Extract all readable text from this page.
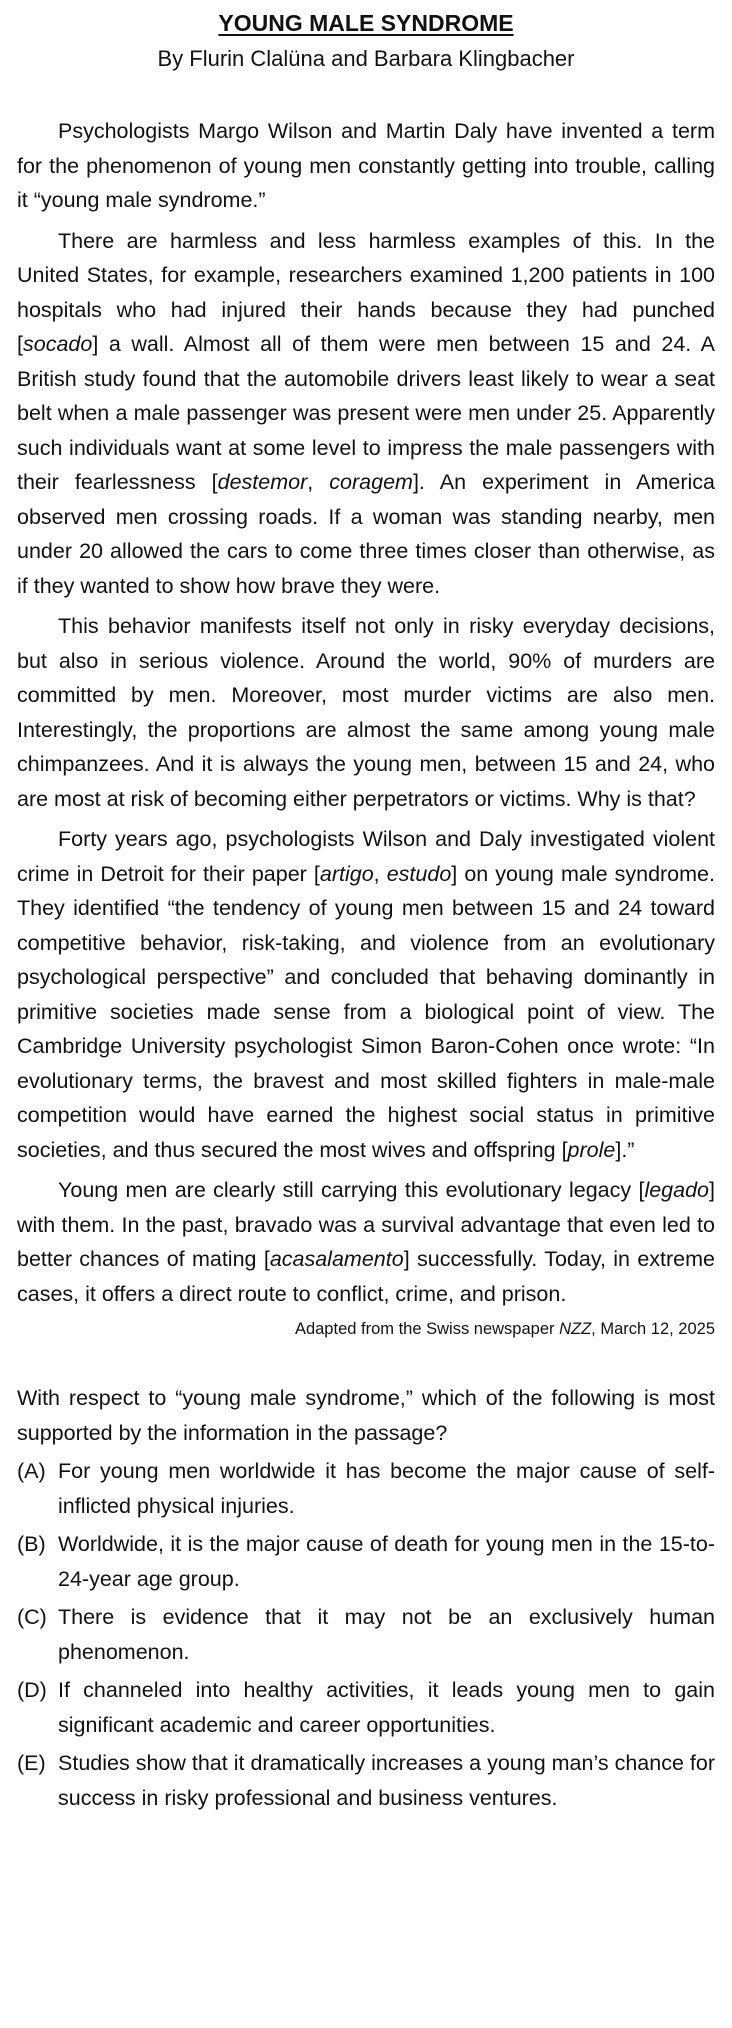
YOUNG MALE SYNDROME
By Flurin Clalüna and Barbara Klingbacher

Psychologists Margo Wilson and Martin Daly have invented a term for the phenomenon of young men constantly getting into trouble, calling it “young male syndrome.”

There are harmless and less harmless examples of this. In the United States, for example, researchers examined 1,200 patients in 100 hospitals who had injured their hands because they had punched [socado] a wall. Almost all of them were men between 15 and 24. A British study found that the automobile drivers least likely to wear a seat belt when a male passenger was present were men under 25. Apparently such individuals want at some level to impress the male passengers with their fearlessness [destemor, coragem]. An experiment in America observed men crossing roads. If a woman was standing nearby, men under 20 allowed the cars to come three times closer than otherwise, as if they wanted to show how brave they were.

This behavior manifests itself not only in risky everyday decisions, but also in serious violence. Around the world, 90% of murders are committed by men. Moreover, most murder victims are also men. Interestingly, the proportions are almost the same among young male chimpanzees. And it is always the young men, between 15 and 24, who are most at risk of becoming either perpetrators or victims. Why is that?

Forty years ago, psychologists Wilson and Daly investigated violent crime in Detroit for their paper [artigo, estudo] on young male syndrome. They identified “the tendency of young men between 15 and 24 toward competitive behavior, risk-taking, and violence from an evolutionary psychological perspective” and concluded that behaving dominantly in primitive societies made sense from a biological point of view. The Cambridge University psychologist Simon Baron-Cohen once wrote: “In evolutionary terms, the bravest and most skilled fighters in male-male competition would have earned the highest social status in primitive societies, and thus secured the most wives and offspring [prole].”

Young men are clearly still carrying this evolutionary legacy [legado] with them. In the past, bravado was a survival advantage that even led to better chances of mating [acasalamento] successfully. Today, in extreme cases, it offers a direct route to conflict, crime, and prison.

Adapted from the Swiss newspaper NZZ, March 12, 2025
With respect to “young male syndrome,” which of the following is most supported by the information in the passage?
(A) For young men worldwide it has become the major cause of self-inflicted physical injuries.
(B) Worldwide, it is the major cause of death for young men in the 15-to-24-year age group.
(C) There is evidence that it may not be an exclusively human phenomenon.
(D) If channeled into healthy activities, it leads young men to gain significant academic and career opportunities.
(E) Studies show that it dramatically increases a young man’s chance for success in risky professional and business ventures.
